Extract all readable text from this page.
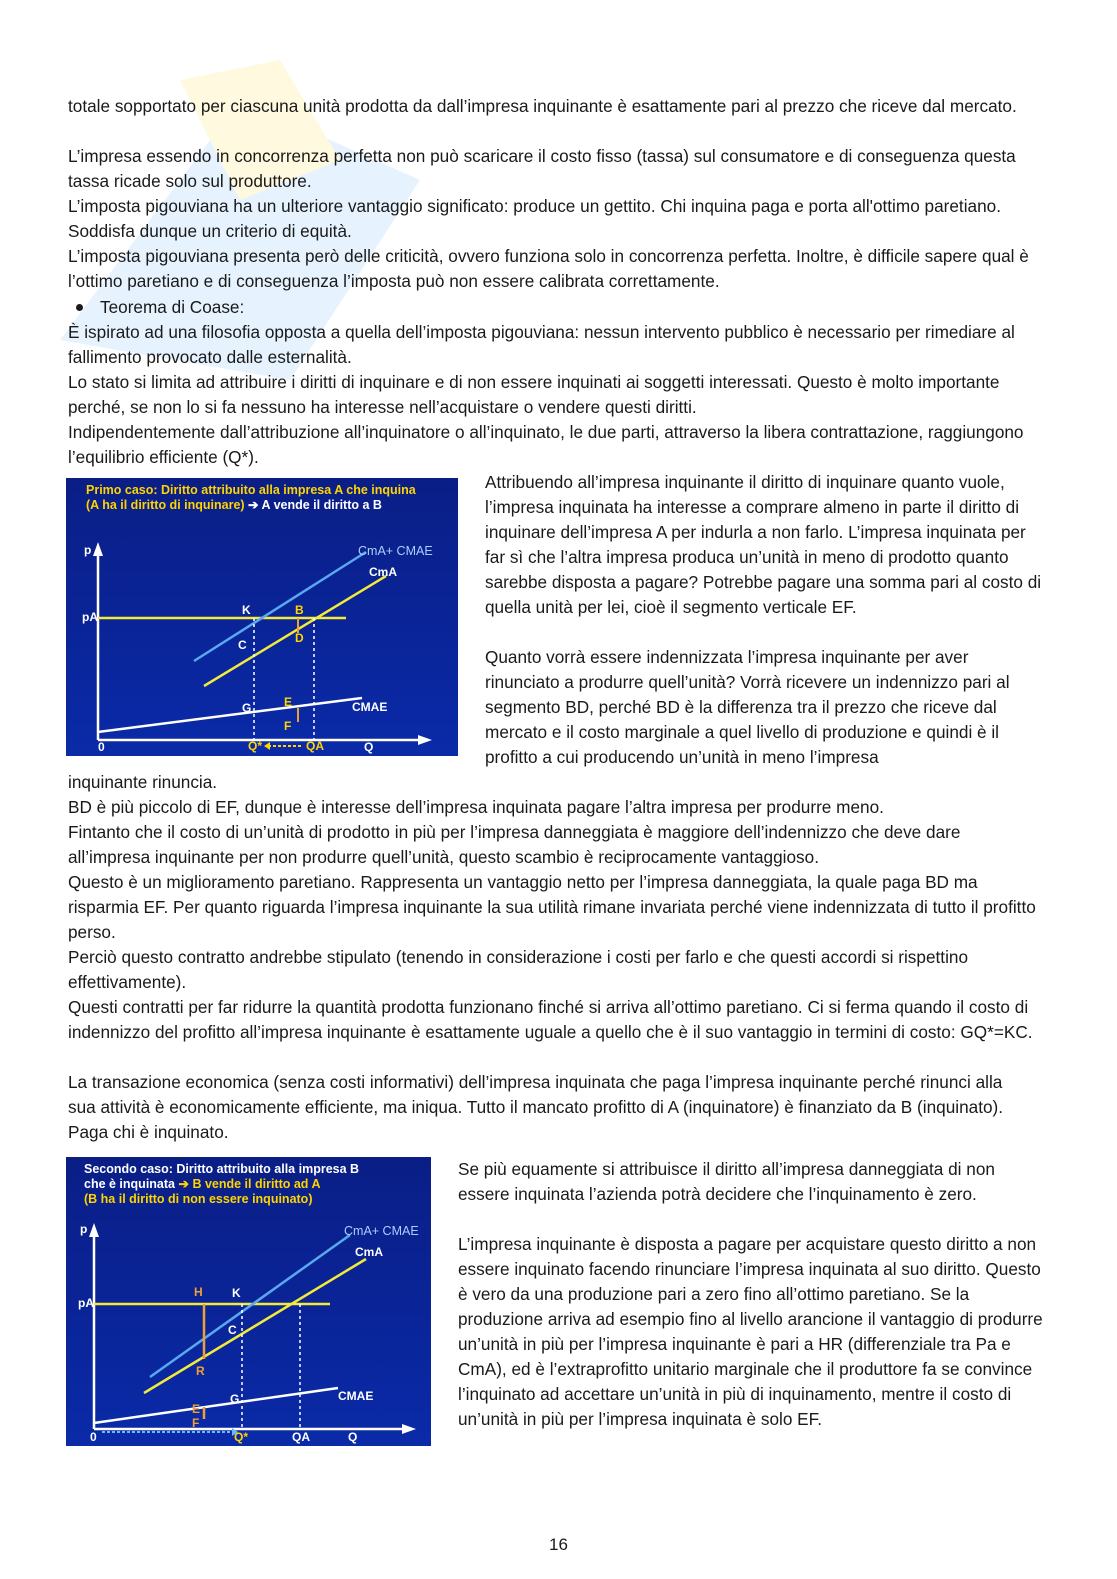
totale sopportato per ciascuna unità prodotta da dall’impresa inquinante è esattamente pari al prezzo che riceve dal mercato.

L’impresa essendo in concorrenza perfetta non può scaricare il costo fisso (tassa) sul consumatore e di conseguenza questa tassa ricade solo sul produttore.

L’imposta pigouviana ha un ulteriore vantaggio significato: produce un gettito. Chi inquina paga e porta all'ottimo paretiano. Soddisfa dunque un criterio di equità.

L’imposta pigouviana presenta però delle criticità, ovvero funziona solo in concorrenza perfetta. Inoltre, è difficile sapere qual è l’ottimo paretiano e di conseguenza l’imposta può non essere calibrata correttamente.

Teorema di Coase:

È ispirato ad una filosofia opposta a quella dell’imposta pigouviana: nessun intervento pubblico è necessario per rimediare al fallimento provocato dalle esternalità.

Lo stato si limita ad attribuire i diritti di inquinare e di non essere inquinati ai soggetti interessati. Questo è molto importante perché, se non lo si fa nessuno ha interesse nell’acquistare o vendere questi diritti.

Indipendentemente dall’attribuzione all’inquinatore o all’inquinato, le due parti, attraverso la libera contrattazione, raggiungono l’equilibrio efficiente (Q*).

Primo caso: Diritto attribuito alla impresa A che inquina
(A ha il diritto di inquinare) ➔ A vende il diritto a B
p
Q
0
pA
CmA+ CMAE
CmA
CMAE
K	B
C	D
E
F
G
Q*	QA

Attribuendo all’impresa inquinante il diritto di inquinare quanto vuole, l’impresa inquinata ha interesse a comprare almeno in parte il diritto di inquinare dell’impresa A per indurla a non farlo. L’impresa inquinata per far sì che l’altra impresa produca un’unità in meno di prodotto quanto sarebbe disposta a pagare? Potrebbe pagare una somma pari al costo di quella unità per lei, cioè il segmento verticale EF.

Quanto vorrà essere indennizzata l’impresa inquinante per aver rinunciato a produrre quell’unità? Vorrà ricevere un indennizzo pari al segmento BD, perché BD è la differenza tra il prezzo che riceve dal mercato e il costo marginale a quel livello di produzione e quindi è il profitto a cui producendo un’unità in meno l’impresa

inquinante rinuncia.

BD è più piccolo di EF, dunque è interesse dell’impresa inquinata pagare l’altra impresa per produrre meno.

Fintanto che il costo di un’unità di prodotto in più per l’impresa danneggiata è maggiore dell’indennizzo che deve dare all’impresa inquinante per non produrre quell’unità, questo scambio è reciprocamente vantaggioso.

Questo è un miglioramento paretiano. Rappresenta un vantaggio netto per l’impresa danneggiata, la quale paga BD ma risparmia EF. Per quanto riguarda l’impresa inquinante la sua utilità rimane invariata perché viene indennizzata di tutto il profitto perso.

Perciò questo contratto andrebbe stipulato (tenendo in considerazione i costi per farlo e che questi accordi si rispettino effettivamente).

Questi contratti per far ridurre la quantità prodotta funzionano finché si arriva all’ottimo paretiano. Ci si ferma quando il costo di indennizzo del profitto all’impresa inquinante è esattamente uguale a quello che è il suo vantaggio in termini di costo: GQ*=KC.

La transazione economica (senza costi informativi) dell’impresa inquinata che paga l’impresa inquinante perché rinunci alla sua attività è economicamente efficiente, ma iniqua. Tutto il mancato profitto di A (inquinatore) è finanziato da B (inquinato). Paga chi è inquinato.

Secondo caso: Diritto attribuito alla impresa B
che è inquinata ➔ B vende il diritto ad A
(B ha il diritto di non essere inquinato)
p
Q
0
pA
CmA+ CMAE
CmA
CMAE
H K
C
R
E
F
G
Q*	QA

Se più equamente si attribuisce il diritto all’impresa danneggiata di non essere inquinata l’azienda potrà decidere che l’inquinamento è zero.

L’impresa inquinante è disposta a pagare per acquistare questo diritto a non essere inquinato facendo rinunciare l’impresa inquinata al suo diritto. Questo è vero da una produzione pari a zero fino all’ottimo paretiano. Se la produzione arriva ad esempio fino al livello arancione il vantaggio di produrre un’unità in più per l’impresa inquinante è pari a HR (differenziale tra Pa e CmA), ed è l’extraprofitto unitario marginale che il produttore fa se convince l’inquinato ad accettare un’unità in più di inquinamento, mentre il costo di un’unità in più per l’impresa inquinata è solo EF.

16
